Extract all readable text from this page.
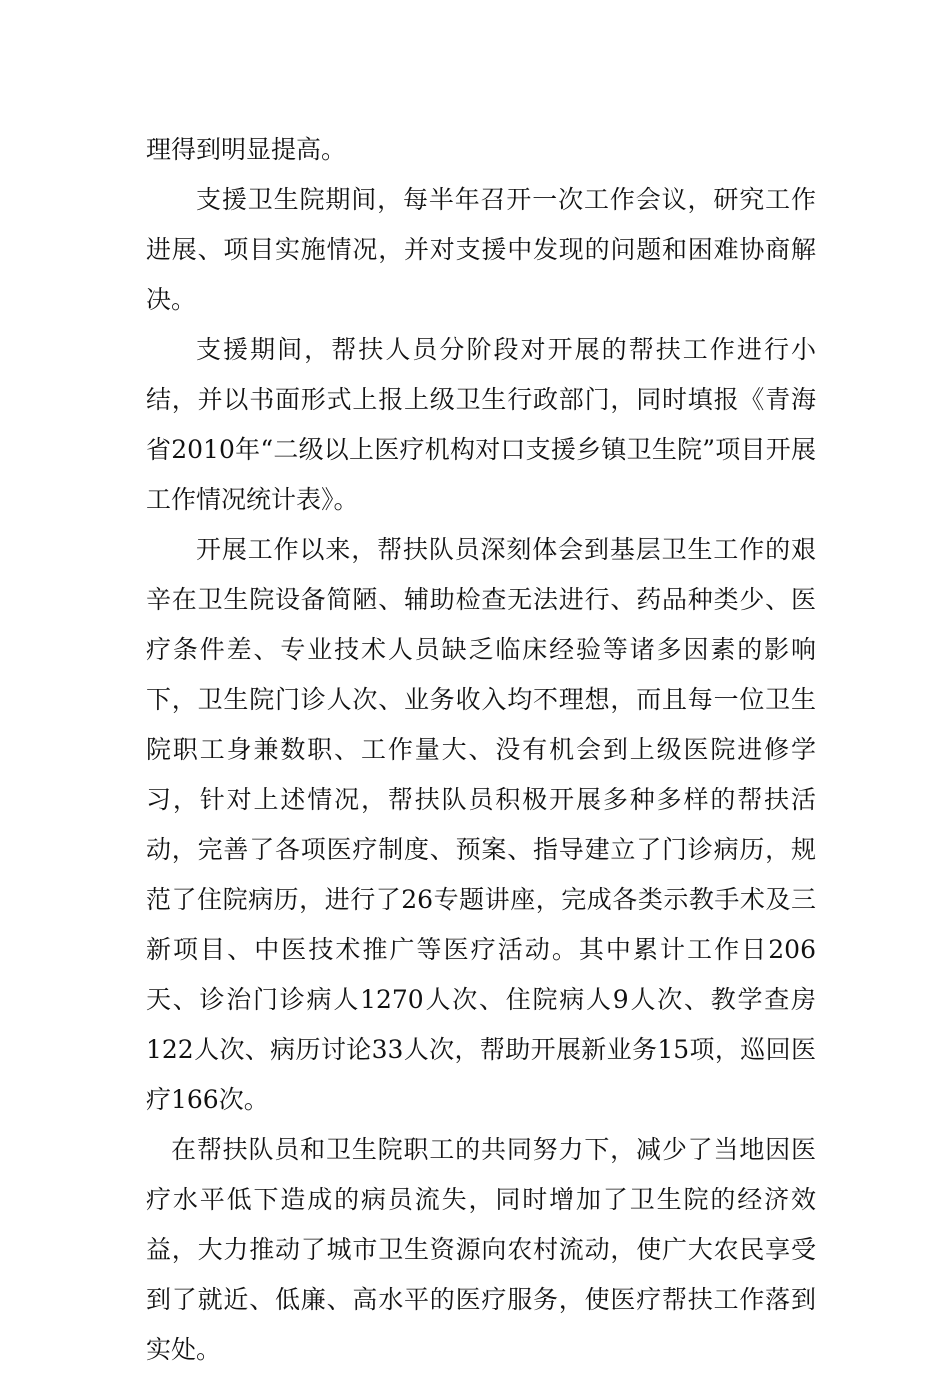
理得到明显提高。

支援卫生院期间，每半年召开一次工作会议，研究工作进展、项目实施情况，并对支援中发现的问题和困难协商解决。

支援期间，帮扶人员分阶段对开展的帮扶工作进行小结，并以书面形式上报上级卫生行政部门，同时填报《青海省2010年“二级以上医疗机构对口支援乡镇卫生院”项目开展工作情况统计表》。

开展工作以来，帮扶队员深刻体会到基层卫生工作的艰辛在卫生院设备简陋、辅助检查无法进行、药品种类少、医疗条件差、专业技术人员缺乏临床经验等诸多因素的影响下，卫生院门诊人次、业务收入均不理想，而且每一位卫生院职工身兼数职、工作量大、没有机会到上级医院进修学习，针对上述情况，帮扶队员积极开展多种多样的帮扶活动，完善了各项医疗制度、预案、指导建立了门诊病历，规范了住院病历，进行了26专题讲座，完成各类示教手术及三新项目、中医技术推广等医疗活动。其中累计工作日206天、诊治门诊病人1270人次、住院病人9人次、教学查房122人次、病历讨论33人次，帮助开展新业务15项，巡回医疗166次。

在帮扶队员和卫生院职工的共同努力下，减少了当地因医疗水平低下造成的病员流失，同时增加了卫生院的经济效益，大力推动了城市卫生资源向农村流动，使广大农民享受到了就近、低廉、高水平的医疗服务，使医疗帮扶工作落到实处。
